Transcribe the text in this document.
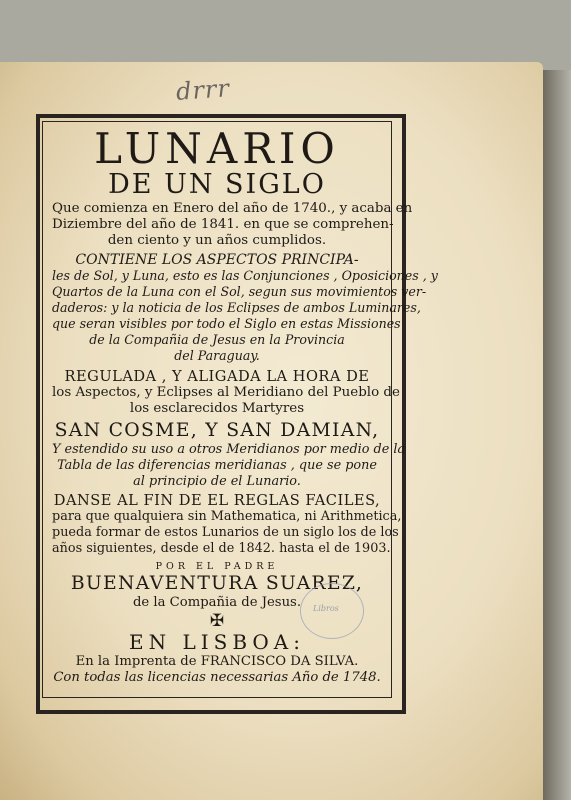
drrr
LUNARIO
DE UN SIGLO
Que comienza en Enero del año de 1740., y acaba en
Diziembre del año de 1841. en que se comprehen-
den ciento y un años cumplidos.
CONTIENE LOS ASPECTOS PRINCIPA-
les de Sol, y Luna, esto es las Conjunciones , Oposiciones , y
Quartos de la Luna con el Sol, segun sus movimientos ver-
daderos: y la noticia de los Eclipses de ambos Luminares,
que seran visibles por todo el Siglo en estas Missiones
de la Compañia de Jesus en la Provincia
del Paraguay.
REGULADA , Y ALIGADA LA HORA DE
los Aspectos, y Eclipses al Meridiano del Pueblo de
los esclarecidos Martyres
SAN COSME, Y SAN DAMIAN,
Y estendido su uso a otros Meridianos por medio de la
Tabla de las diferencias meridianas , que se pone
al principio de el Lunario.
DANSE AL FIN DE EL REGLAS FACILES,
para que qualquiera sin Mathematica, ni Arithmetica,
pueda formar de estos Lunarios de un siglo los de los
años siguientes, desde el de 1842. hasta el de 1903.
POR EL PADRE
BUENAVENTURA SUAREZ,
de la Compañia de Jesus.
✠
EN LISBOA:
En la Imprenta de FRANCISCO DA SILVA.
Con todas las licencias necessarias Año de 1748.
Libros
